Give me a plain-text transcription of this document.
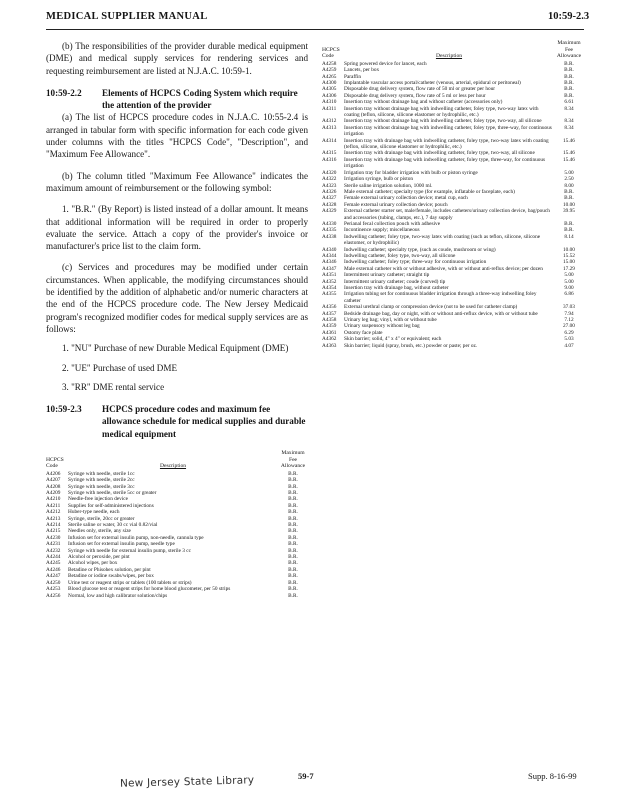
MEDICAL SUPPLIER MANUAL	10:59-2.3

(b) The responsibilities of the provider durable medical equipment (DME) and medical supply services for rendering services and requesting reimbursement are listed at N.J.A.C. 10:59-1.

10:59-2.2	Elements of HCPCS Coding System which require the attention of the provider

(a) The list of HCPCS procedure codes in N.J.A.C. 10:55-2.4 is arranged in tabular form with specific information for each code given under columns with the titles "HCPCS Code", "Description", and "Maximum Fee Allowance".

(b) The column titled "Maximum Fee Allowance" indicates the maximum amount of reimbursement or the following symbol:

1. "B.R." (By Report) is listed instead of a dollar amount. It means that additional information will be required in order to properly evaluate the service. Attach a copy of the provider's invoice or manufacturer's price list to the claim form.

(c) Services and procedures may be modified under certain circumstances. When applicable, the modifying circumstances should be identified by the addition of alphabetic and/or numeric characters at the end of the HCPCS procedure code. The New Jersey Medicaid program's recognized modifier codes for medical supply services are as follows:

1. "NU" Purchase of new Durable Medical Equipment (DME)

2. "UE" Purchase of used DME

3. "RR" DME rental service

10:59-2.3	HCPCS procedure codes and maximum fee allowance schedule for medical supplies and durable medical equipment
HCPCS Code	Description
Maximum Fee Allowance
A4206	Syringe with needle, sterile 1cc	B.R.
A4207	Syringe with needle, sterile 2cc	B.R.
A4208	Syringe with needle, sterile 3cc	B.R.
A4209	Syringe with needle, sterile 5cc or greater	B.R.
A4210	Needle-free injection device	B.R.
A4211	Supplies for self-administered injections	B.R.
A4212	Huber-type needle, each	B.R.
A4213	Syringe, sterile, 20cc or greater	B.R.
A4214	Sterile saline or water, 30 cc vial 0.82/vial	B.R.
A4215	Needles only, sterile, any size	B.R.
A4230	Infusion set for external insulin pump, non-needle, cannula type	B.R.
A4231	Infusion set for external insulin pump, needle type	B.R.
A4232	Syringe with needle for external insulin pump, sterile 3 cc	B.R.
A4244	Alcohol or peroxide, per pint	B.R.
A4245	Alcohol wipes, per box	B.R.
A4246	Betadine or Phisohex solution, per pint	B.R.
A4247	Betadine or iodine swabs/wipes, per box	B.R.
A4250	Urine test or reagent strips or tablets (100 tablets or strips)	B.R.
A4253	Blood glucose test or reagent strips for home blood glucometer, per 50 strips	B.R.
A4256	Normal, low and high calibrator solution/chips	B.R.
HCPCS Code	Description
Maximum Fee Allowance
A4258	Spring powered device for lancet, each	B.R.
A4259	Lancets, per box	B.R.
A4265	Paraffin	B.R.
A4300	Implantable vascular access portal/catheter (venous, arterial, epidural or peritoneal)	B.R.
A4305	Disposable drug delivery system, flow rate of 50 ml or greater per hour	B.R.
A4306	Disposable drug delivery system, flow rate of 5 ml or less per hour	B.R.
A4310	Insertion tray without drainage bag and without catheter (accessories only)	6.61
A4311	Insertion tray without drainage bag with indwelling catheter, foley type, two-way latex with coating (teflon, silicone, silicone elastomer or hydrophilic, etc.)
8.34
A4312	Insertion tray without drainage bag with indwelling catheter, foley type, two-way, all silicone	8.34
A4313	Insertion tray without drainage bag with indwelling catheter, foley type, three-way, for continuous irrigation
8.34
A4314	Insertion tray with drainage bag with indwelling catheter, foley type, two-way latex with coating (teflon, silicone, silicone elastomer or hydrophilic, etc.)
15.46
A4315	Insertion tray with drainage bag with indwelling catheter, foley type, two-way, all silicone	15.46
A4316	Insertion tray with drainage bag with indwelling catheter, foley type, three-way, for continuous irrigation
15.46
A4320	Irrigation tray for bladder irrigation with bulb or piston syringe	5.00
A4322	Irrigation syringe, bulb or piston	2.50
A4323	Sterile saline irrigation solution, 1000 ml.	8.00
A4326	Male external catheter; specialty type (for example, inflatable or faceplate, each)	B.R.
A4327	Female external urinary collection device; metal cup, each	B.R.
A4328	Female external urinary collection device; pouch	10.00
A4329	External catheter starter set, male/female, includes catheters/urinary collection device, bag/pouch and accessories (tubing, clamps, etc.), 7 day supply
39.95
A4330	Perianal fecal collection pouch with adhesive	B.R.
A4335	Incontinence supply; miscellaneous	B.R.
A4338	Indwelling catheter; foley type, two-way latex with coating (such as teflon, silicone, silicone elastomer, or hydrophilic)
8.14
A4340	Indwelling catheter; specialty type, (such as coude, mushroom or wing)	10.00
A4344	Indwelling catheter, foley type, two-way, all silicone	15.52
A4346	Indwelling catheter; foley type; three-way for continuous irrigation	15.00
A4347	Male external catheter with or without adhesive, with or without anti-reflux device; per dozen	17.29
A4351	Intermittent urinary catheter; straight tip	5.00
A4352	Intermittent urinary catheter; coude (curved) tip	5.00
A4354	Insertion tray with drainage bag, without catheter	9.00
A4355	Irrigation tubing set for continuous bladder irrigation through a three-way indwelling foley catheter
6.86
A4356	External urethral clamp or compression device (not to be used for catheter clamp)	37.03
A4357	Bedside drainage bag, day or night, with or without anti-reflux device, with or without tube	7.94
A4358	Urinary leg bag; vinyl, with or without tube	7.12
A4359	Urinary suspensory without leg bag	27.00
A4361	Ostomy face plate	6.29
A4362	Skin barrier; solid, 4" x 4" or equivalent; each	5.03
A4363	Skin barrier; liquid (spray, brush, etc.) powder or paste; per oz.	4.07
New Jersey State Library	59-7	Supp. 8-16-99
